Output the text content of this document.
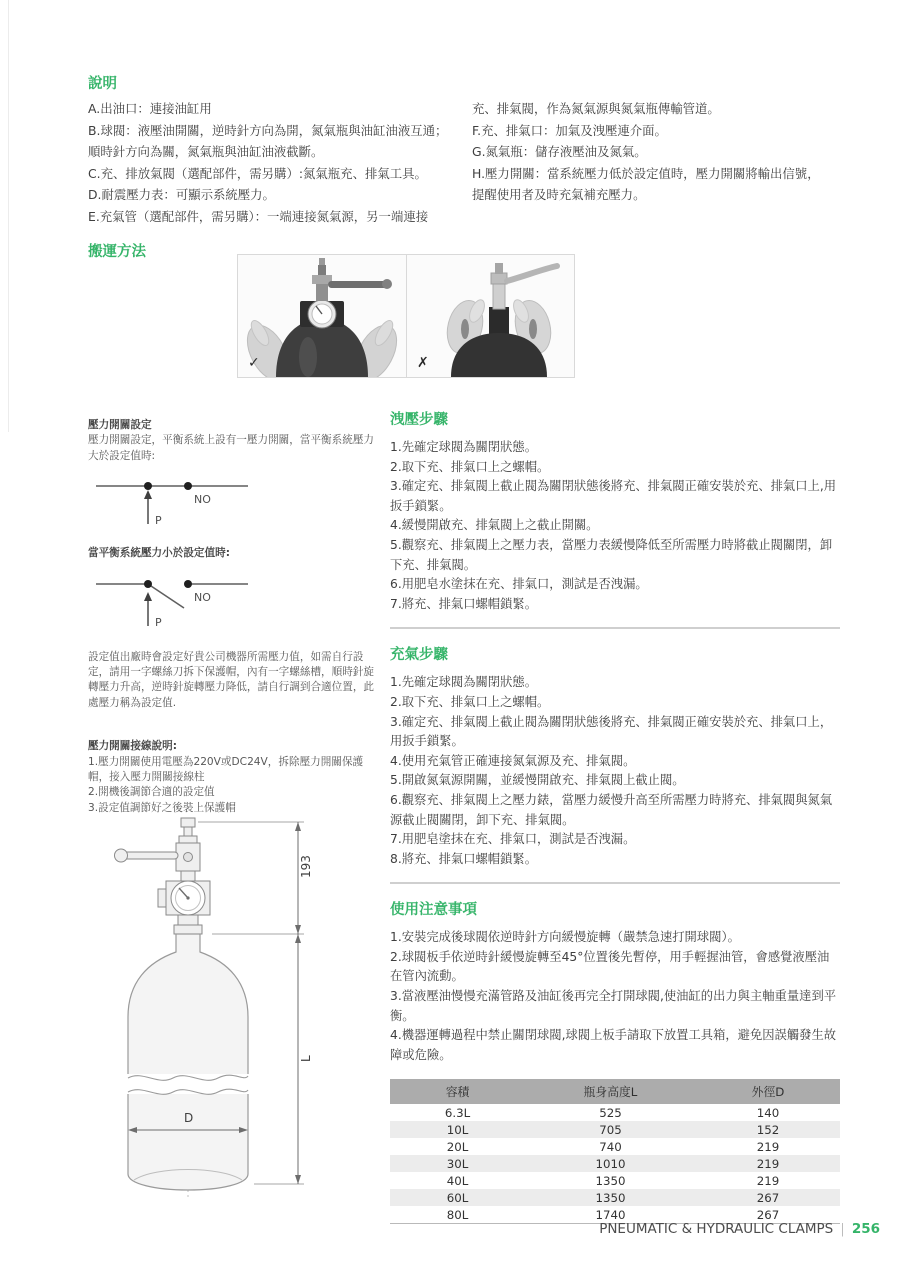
說明
A.出油口：連接油缸用
B.球閥：液壓油開關，逆時針方向為開，氮氣瓶與油缸油液互通；
順時針方向為關，氮氣瓶與油缸油液截斷。
C.充、排放氣閥（選配部件，需另購）:氮氣瓶充、排氣工具。
D.耐震壓力表：可顯示系統壓力。
E.充氣管（選配部件，需另購）：一端連接氮氣源，另一端連接
充、排氣閥，作為氮氣源與氮氣瓶傳輸管道。
F.充、排氣口：加氣及洩壓連介面。
G.氮氣瓶：儲存液壓油及氮氣。
H.壓力開關：當系統壓力低於設定值時，壓力開關將輸出信號，
提醒使用者及時充氣補充壓力。
搬運方法
✓	✗
壓力開關設定
壓力開關設定，平衡系統上設有一壓力開關，當平衡系統壓力大於設定值時:
NO
P
當平衡系統壓力小於設定值時:
NO
P
設定值出廠時會設定好貴公司機器所需壓力值，如需自行設定，請用一字螺絲刀拆下保護帽，內有一字螺絲槽，順時針旋轉壓力升高，逆時針旋轉壓力降低，請自行調到合適位置，此處壓力稱為設定值.
壓力開關接線說明:
1.壓力開關使用電壓為220V或DC24V，拆除壓力開關保護帽，接入壓力開關接線柱
2.開機後調節合適的設定值
3.設定值調節好之後裝上保護帽
193
L
D
洩壓步驟
1.先確定球閥為關閉狀態。
2.取下充、排氣口上之螺帽。
3.確定充、排氣閥上截止閥為關閉狀態後將充、排氣閥正確安裝於充、排氣口上,用扳手鎖緊。
4.緩慢開啟充、排氣閥上之截止開關。
5.觀察充、排氣閥上之壓力表，當壓力表緩慢降低至所需壓力時將截止閥關閉，卸下充、排氣閥。
6.用肥皂水塗抹在充、排氣口，測試是否洩漏。
7.將充、排氣口螺帽鎖緊。
充氣步驟
1.先確定球閥為關閉狀態。
2.取下充、排氣口上之螺帽。
3.確定充、排氣閥上截止閥為關閉狀態後將充、排氣閥正確安裝於充、排氣口上，用扳手鎖緊。
4.使用充氣管正確連接氮氣源及充、排氣閥。
5.開啟氮氣源開關，並緩慢開啟充、排氣閥上截止閥。
6.觀察充、排氣閥上之壓力錶，當壓力緩慢升高至所需壓力時將充、排氣閥與氮氣源截止閥關閉，卸下充、排氣閥。
7.用肥皂塗抹在充、排氣口，測試是否洩漏。
8.將充、排氣口螺帽鎖緊。
使用注意事項
1.安裝完成後球閥依逆時針方向緩慢旋轉（嚴禁急速打開球閥）。
2.球閥板手依逆時針緩慢旋轉至45°位置後先暫停，用手輕握油管，會感覺液壓油在管內流動。
3.當液壓油慢慢充滿管路及油缸後再完全打開球閥,使油缸的出力與主軸重量達到平衡。
4.機器運轉過程中禁止關閉球閥,球閥上板手請取下放置工具箱，避免因誤觸發生故障或危險。
容積	瓶身高度L	外徑D
6.3L	525	140
10L	705	152
20L	740	219
30L	1010	219
40L	1350	219
60L	1350	267
80L	1740	267
PNEUMATIC & HYDRAULIC CLAMPS | 256
